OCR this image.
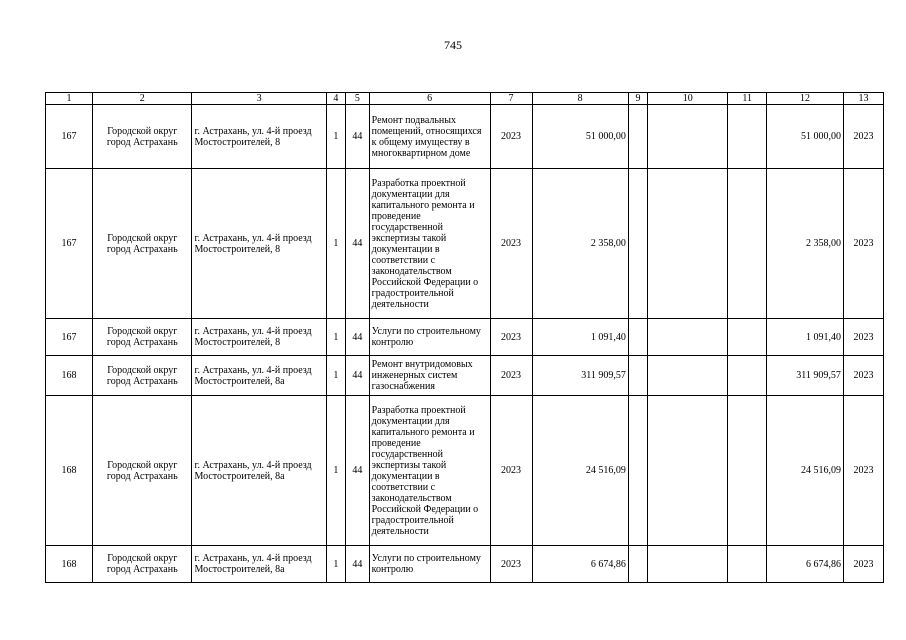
745
1	2	3	4	5	6	7	8	9	10	11	12	13
167	Городской округ город Астрахань	г. Астрахань, ул. 4-й проезд Мостостроителей, 8	1	44	Ремонт подвальных помещений, относящихся к общему имуществу в многоквартирном доме	2023	51 000,00				51 000,00	2023
167	Городской округ город Астрахань	г. Астрахань, ул. 4-й проезд Мостостроителей, 8	1	44	Разработка проектной документации для капитального ремонта и проведение государственной экспертизы такой документации в соответствии с законодательством Российской Федерации о градостроительной деятельности	2023	2 358,00				2 358,00	2023
167	Городской округ город Астрахань	г. Астрахань, ул. 4-й проезд Мостостроителей, 8	1	44	Услуги по строительному контролю	2023	1 091,40				1 091,40	2023
168	Городской округ город Астрахань	г. Астрахань, ул. 4-й проезд Мостостроителей, 8а	1	44	Ремонт внутридомовых инженерных систем газоснабжения	2023	311 909,57				311 909,57	2023
168	Городской округ город Астрахань	г. Астрахань, ул. 4-й проезд Мостостроителей, 8а	1	44	Разработка проектной документации для капитального ремонта и проведение государственной экспертизы такой документации в соответствии с законодательством Российской Федерации о градостроительной деятельности	2023	24 516,09				24 516,09	2023
168	Городской округ город Астрахань	г. Астрахань, ул. 4-й проезд Мостостроителей, 8а	1	44	Услуги по строительному контролю	2023	6 674,86				6 674,86	2023
